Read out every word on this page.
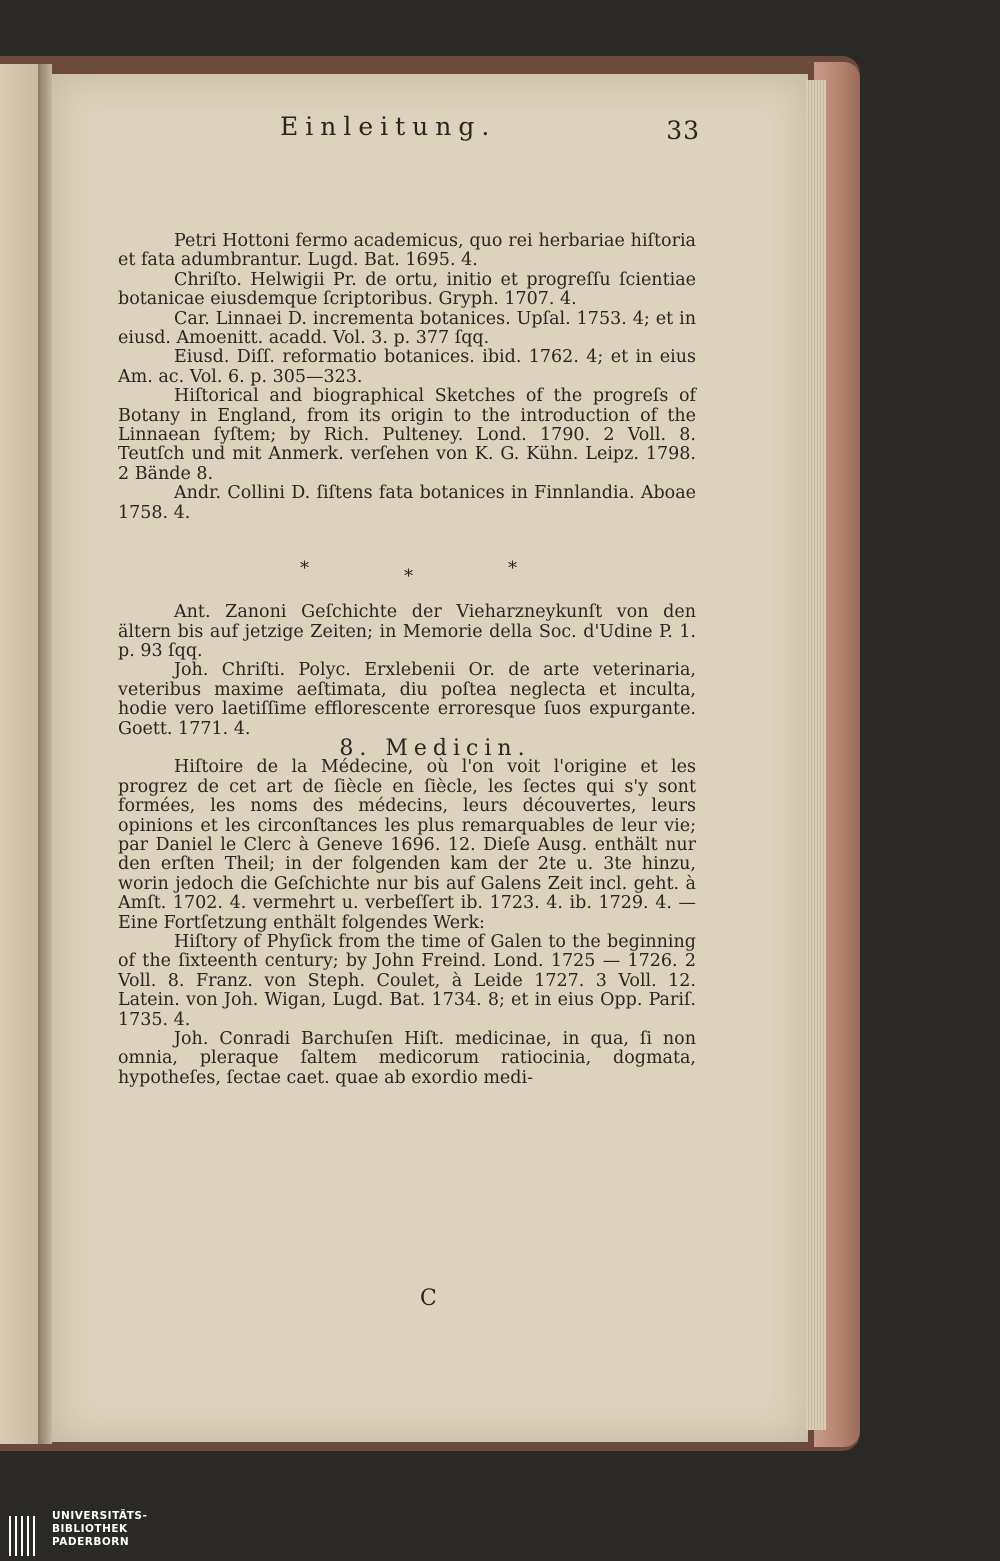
Einleitung.	33

Petri Hottoni fermo academicus, quo rei herbariae hiſtoria et fata adumbrantur. Lugd. Bat. 1695. 4.

Chriſto. Helwigii Pr. de ortu, initio et progreſſu ſcientiae botanicae eiusdemque ſcriptoribus. Gryph. 1707. 4.

Car. Linnaei D. incrementa botanices. Upſal. 1753. 4; et in eiusd. Amoenitt. acadd. Vol. 3. p. 377 ſqq.

Eiusd. Diſſ. reformatio botanices. ibid. 1762. 4; et in eius Am. ac. Vol. 6. p. 305—323.

Hiſtorical and biographical Sketches of the progreſs of Botany in England, from its origin to the introduction of the Linnaean ſyſtem; by Rich. Pulteney. Lond. 1790. 2 Voll. 8. Teutſch und mit Anmerk. verſehen von K. G. Kühn. Leipz. 1798. 2 Bände 8.

Andr. Collini D. ſiſtens fata botanices in Finnlandia. Aboae 1758. 4.

*	*	*

Ant. Zanoni Geſchichte der Vieharzneykunſt von den ältern bis auf jetzige Zeiten; in Memorie della Soc. d'Udine P. 1. p. 93 ſqq.

Joh. Chriſti. Polyc. Erxlebenii Or. de arte veterinaria, veteribus maxime aeſtimata, diu poſtea neglecta et inculta, hodie vero laetiſſime efflorescente erroresque ſuos expurgante. Goett. 1771. 4.

8. Medicin.

Hiſtoire de la Médecine, où l'on voit l'origine et les progrez de cet art de ſiècle en ſiècle, les ſectes qui s'y sont formées, les noms des médecins, leurs découvertes, leurs opinions et les circonſtances les plus remarquables de leur vie; par Daniel le Clerc à Geneve 1696. 12. Dieſe Ausg. enthält nur den erſten Theil; in der folgenden kam der 2te u. 3te hinzu, worin jedoch die Geſchichte nur bis auf Galens Zeit incl. geht. à Amſt. 1702. 4. vermehrt u. verbeſſert ib. 1723. 4. ib. 1729. 4. — Eine Fortſetzung enthält folgendes Werk:

Hiſtory of Phyſick from the time of Galen to the beginning of the ſixteenth century; by John Freind. Lond. 1725 — 1726. 2 Voll. 8. Franz. von Steph. Coulet, à Leide 1727. 3 Voll. 12. Latein. von Joh. Wigan, Lugd. Bat. 1734. 8; et in eius Opp. Pariſ. 1735. 4.

Joh. Conradi Barchuſen Hiſt. medicinae, in qua, ſi non omnia, pleraque ſaltem medicorum ratiocinia, dogmata, hypotheſes, ſectae caet. quae ab exordio medi-

C
UNIVERSITÄTS-
BIBLIOTHEK
PADERBORN
